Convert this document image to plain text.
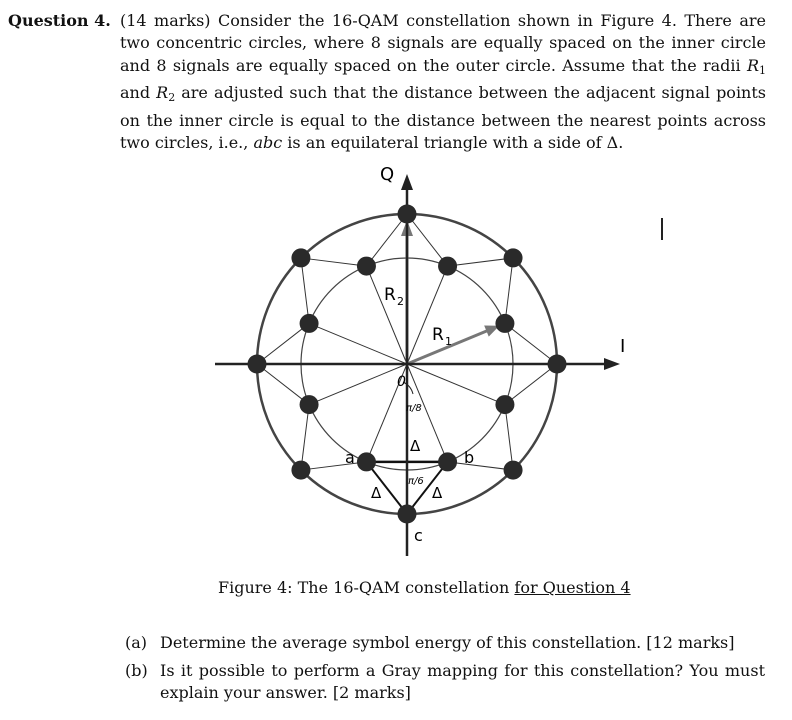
Question 4. (14 marks) Consider the 16-QAM constellation shown in Figure 4. There are two concentric circles, where 8 signals are equally spaced on the inner circle and 8 signals are equally spaced on the outer circle. Assume that the radii $R_1$ and $R_2$ are adjusted such that the distance between the adjacent signal points on the inner circle is equal to the distance between the nearest points across two circles, i.e., abc is an equilateral triangle with a side of Δ.
Q
I
R 2
R 1
0
π/8
π/6
Δ
Δ	Δ
a	b
c
Figure 4: The 16-QAM constellation for Question 4
(a) Determine the average symbol energy of this constellation. [12 marks]
(b) Is it possible to perform a Gray mapping for this constellation? You must explain your answer. [2 marks]
